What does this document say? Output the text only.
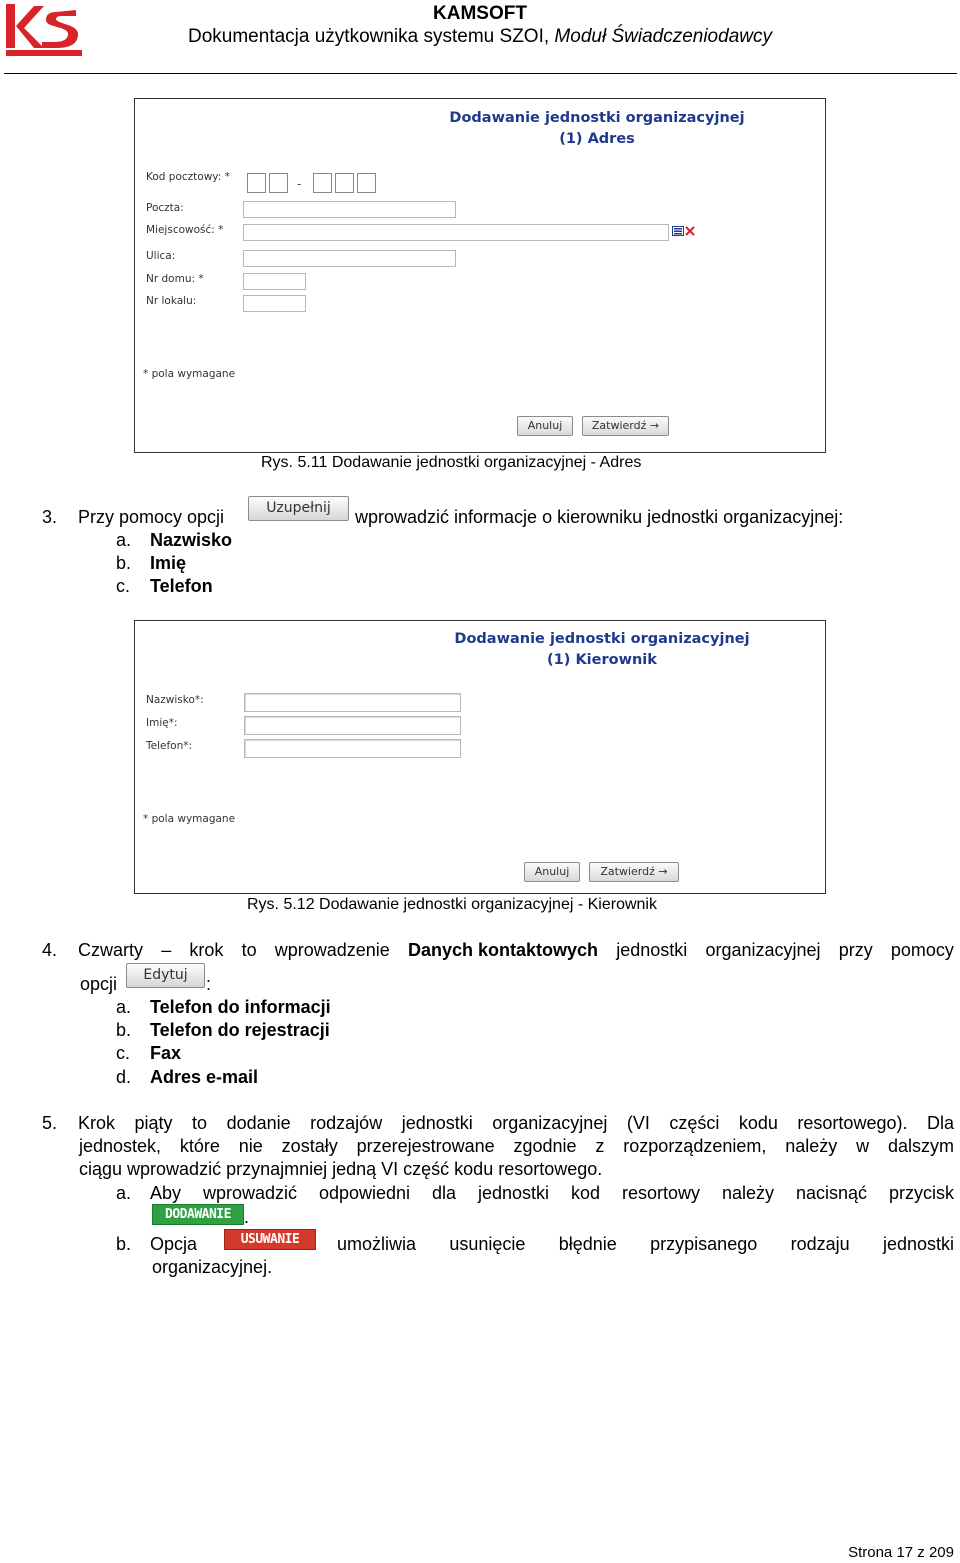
KAMSOFT
Dokumentacja użytkownika systemu SZOI, Moduł Świadczeniodawcy
Dodawanie jednostki organizacyjnej
(1) Adres
Kod pocztowy: *	-
Poczta:
Miejscowość: *
Ulica:
Nr domu: *
Nr lokalu:
* pola wymagane
Anuluj	Zatwierdź →
Rys. 5.11 Dodawanie jednostki organizacyjnej - Adres
3. Przy pomocy opcji	Uzupełnij	wprowadzić informacje o kierowniku jednostki organizacyjnej:
a. Nazwisko
b. Imię
c. Telefon
Dodawanie jednostki organizacyjnej
(1) Kierownik
Nazwisko*:
Imię*:
Telefon*:
* pola wymagane
Anuluj	Zatwierdź →
Rys. 5.12 Dodawanie jednostki organizacyjnej - Kierownik
4. Czwarty – krok to wprowadzenie Danych kontaktowych jednostki organizacyjnej przy pomocy
opcji	Edytuj	:
a. Telefon do informacji
b. Telefon do rejestracji
c. Fax
d. Adres e-mail
5. Krok piąty to dodanie rodzajów jednostki organizacyjnej (VI części kodu resortowego). Dla
jednostek, które nie zostały przerejestrowane zgodnie z rozporządzeniem, należy w dalszym
ciągu wprowadzić przynajmniej jedną VI część kodu resortowego.
a. Aby wprowadzić odpowiedni dla jednostki kod resortowy należy nacisnąć przycisk
DODAWANIE .
b. Opcja	USUWANIE	umożliwia usunięcie błędnie przypisanego rodzaju jednostki
organizacyjnej.
Strona 17 z 209
